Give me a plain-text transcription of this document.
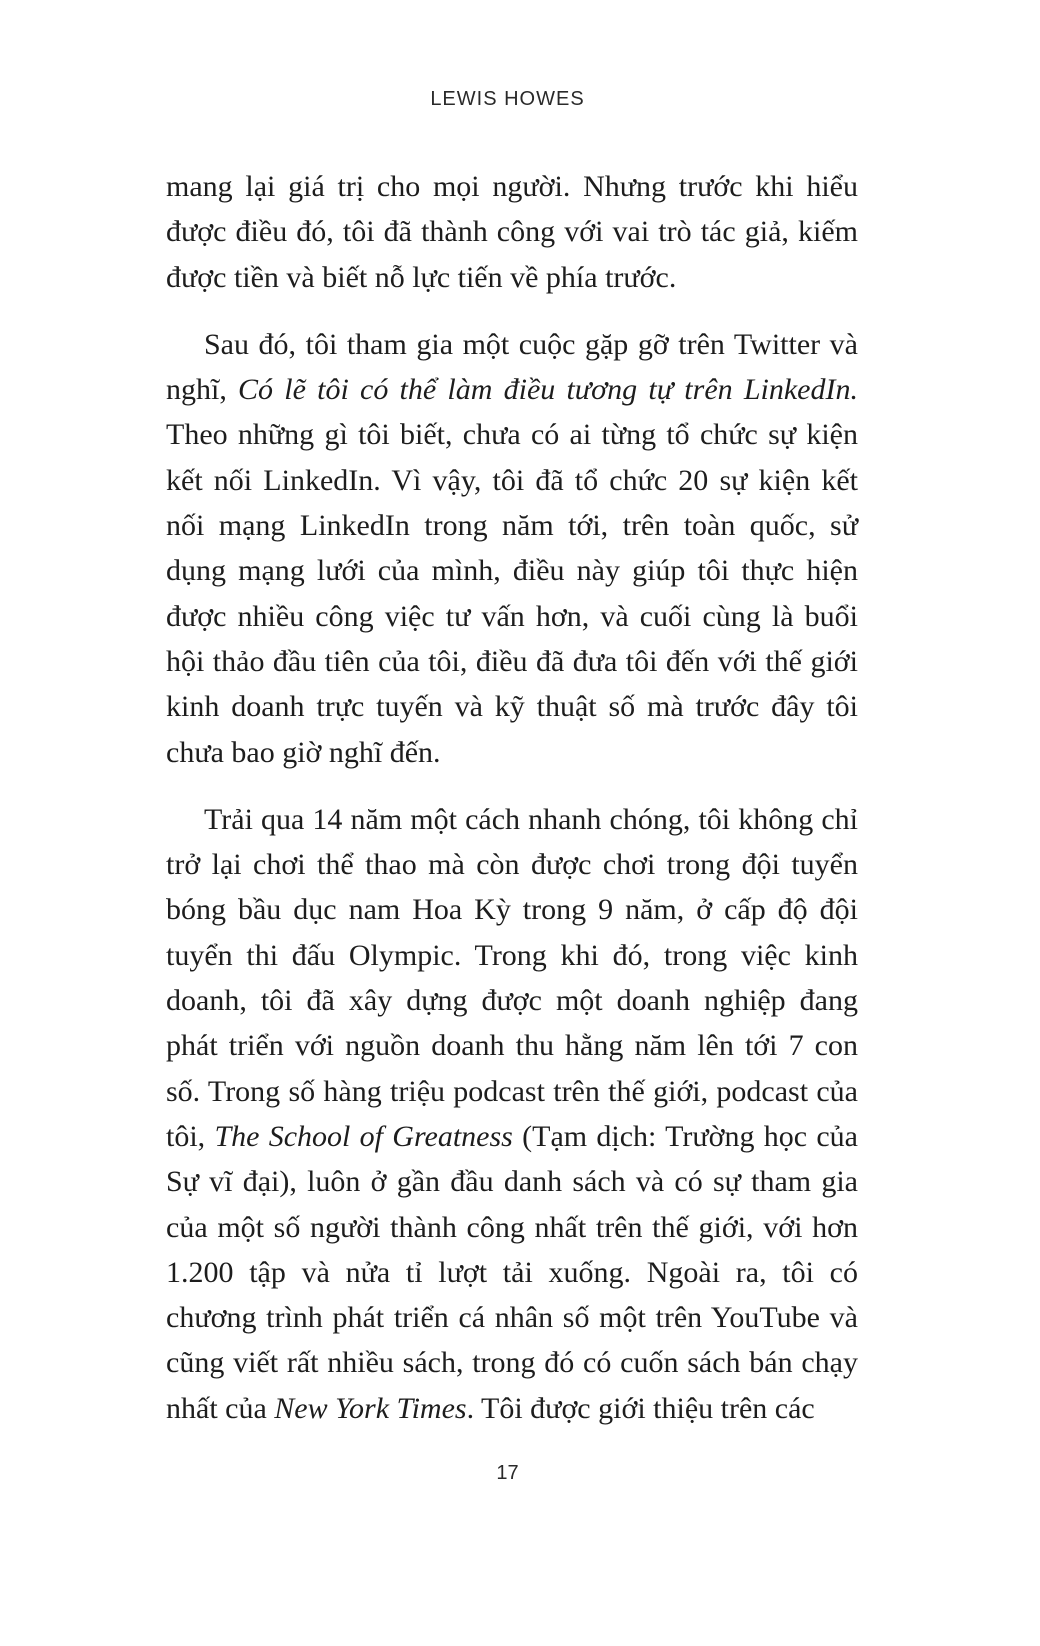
LEWIS HOWES

mang lại giá trị cho mọi người. Nhưng trước khi hiểu được điều đó, tôi đã thành công với vai trò tác giả, kiếm được tiền và biết nỗ lực tiến về phía trước.

Sau đó, tôi tham gia một cuộc gặp gỡ trên Twitter và nghĩ, Có lẽ tôi có thể làm điều tương tự trên LinkedIn. Theo những gì tôi biết, chưa có ai từng tổ chức sự kiện kết nối LinkedIn. Vì vậy, tôi đã tổ chức 20 sự kiện kết nối mạng LinkedIn trong năm tới, trên toàn quốc, sử dụng mạng lưới của mình, điều này giúp tôi thực hiện được nhiều công việc tư vấn hơn, và cuối cùng là buổi hội thảo đầu tiên của tôi, điều đã đưa tôi đến với thế giới kinh doanh trực tuyến và kỹ thuật số mà trước đây tôi chưa bao giờ nghĩ đến.

Trải qua 14 năm một cách nhanh chóng, tôi không chỉ trở lại chơi thể thao mà còn được chơi trong đội tuyển bóng bầu dục nam Hoa Kỳ trong 9 năm, ở cấp độ đội tuyển thi đấu Olympic. Trong khi đó, trong việc kinh doanh, tôi đã xây dựng được một doanh nghiệp đang phát triển với nguồn doanh thu hằng năm lên tới 7 con số. Trong số hàng triệu podcast trên thế giới, podcast của tôi, The School of Greatness (Tạm dịch: Trường học của Sự vĩ đại), luôn ở gần đầu danh sách và có sự tham gia của một số người thành công nhất trên thế giới, với hơn 1.200 tập và nửa tỉ lượt tải xuống. Ngoài ra, tôi có chương trình phát triển cá nhân số một trên YouTube và cũng viết rất nhiều sách, trong đó có cuốn sách bán chạy nhất của New York Times. Tôi được giới thiệu trên các

17
